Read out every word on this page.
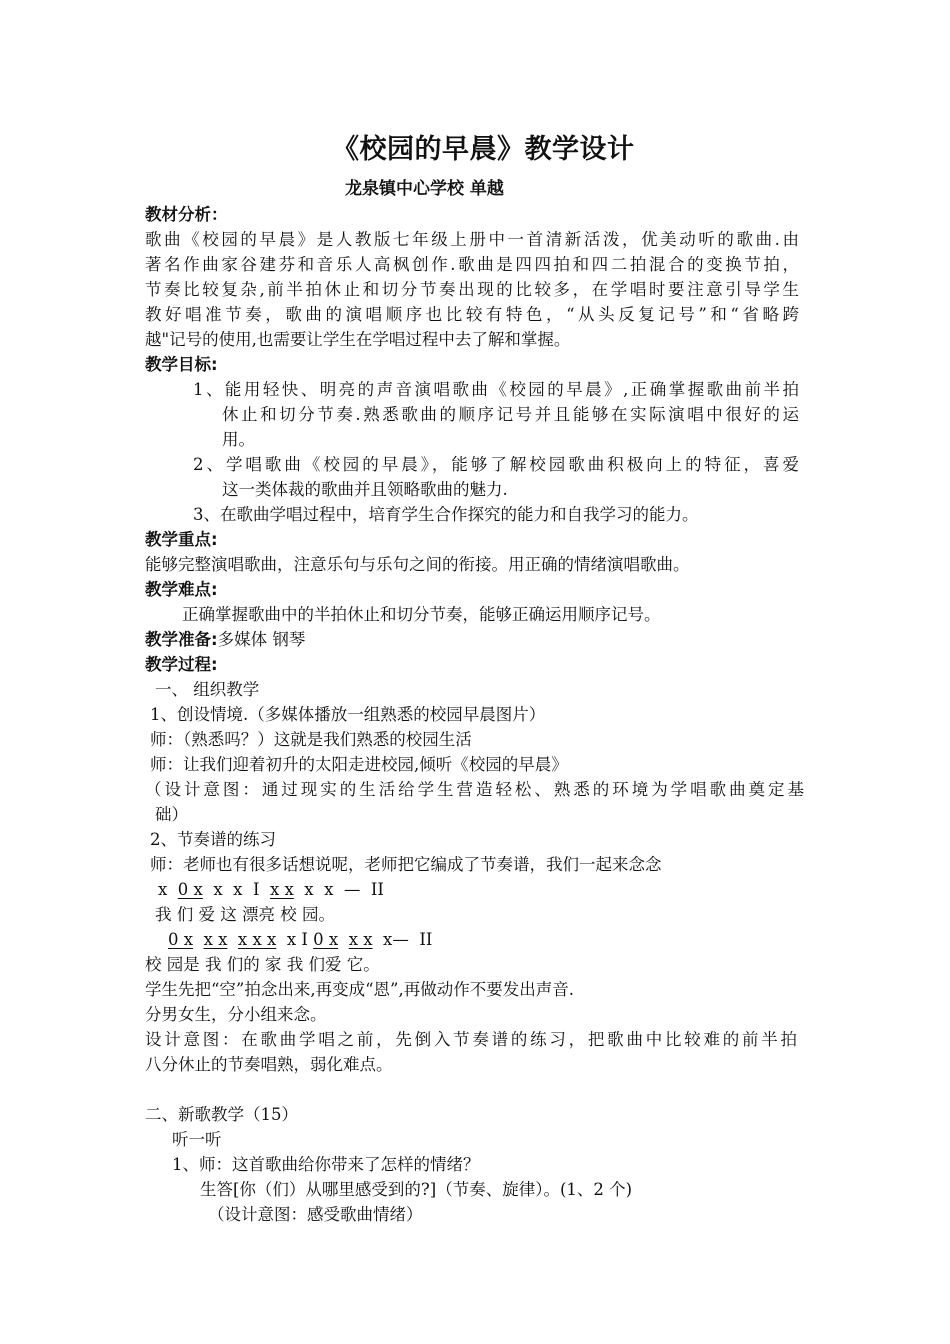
《校园的早晨》教学设计
龙泉镇中心学校 单越
教材分析：
歌曲《校园的早晨》是人教版七年级上册中一首清新活泼，优美动听的歌曲.由
著名作曲家谷建芬和音乐人高枫创作.歌曲是四四拍和四二拍混合的变换节拍，
节奏比较复杂,前半拍休止和切分节奏出现的比较多，在学唱时要注意引导学生
教好唱准节奏，歌曲的演唱顺序也比较有特色，“从头反复记号”和“省略跨
越"记号的使用,也需要让学生在学唱过程中去了解和掌握。
教学目标:
1、能用轻快、明亮的声音演唱歌曲《校园的早晨》,正确掌握歌曲前半拍
休止和切分节奏.熟悉歌曲的顺序记号并且能够在实际演唱中很好的运
用。
2、学唱歌曲《校园的早晨》，能够了解校园歌曲积极向上的特征，喜爱
这一类体裁的歌曲并且领略歌曲的魅力.
3、在歌曲学唱过程中，培育学生合作探究的能力和自我学习的能力。
教学重点:
能够完整演唱歌曲，注意乐句与乐句之间的衔接。用正确的情绪演唱歌曲。
教学难点:
正确掌握歌曲中的半拍休止和切分节奏，能够正确运用顺序记号。
教学准备:多媒体 钢琴
教学过程:
一、 组织教学
1、创设情境.（多媒体播放一组熟悉的校园早晨图片）
师：（熟悉吗？）这就是我们熟悉的校园生活
师：让我们迎着初升的太阳走进校园,倾听《校园的早晨》
（设计意图：通过现实的生活给学生营造轻松、熟悉的环境为学唱歌曲奠定基
础）
2、节奏谱的练习
师：老师也有很多话想说呢，老师把它编成了节奏谱，我们一起来念念
x  0 x  x  x  I  x x  x  x  —  II
我 们 爱 这 漂亮 校 园。
0 x x x x x x  x I 0 x x x  x—  II
校 园是 我 们的 家 我 们爱 它。
学生先把“空”拍念出来,再变成“恩”,再做动作不要发出声音.
分男女生，分小组来念。
设计意图：在歌曲学唱之前，先倒入节奏谱的练习，把歌曲中比较难的前半拍
八分休止的节奏唱熟，弱化难点。
二、新歌教学（15）
听一听
1、师：这首歌曲给你带来了怎样的情绪？
生答[你（们）从哪里感受到的?]（节奏、旋律）。(1、2 个)
（设计意图：感受歌曲情绪）
